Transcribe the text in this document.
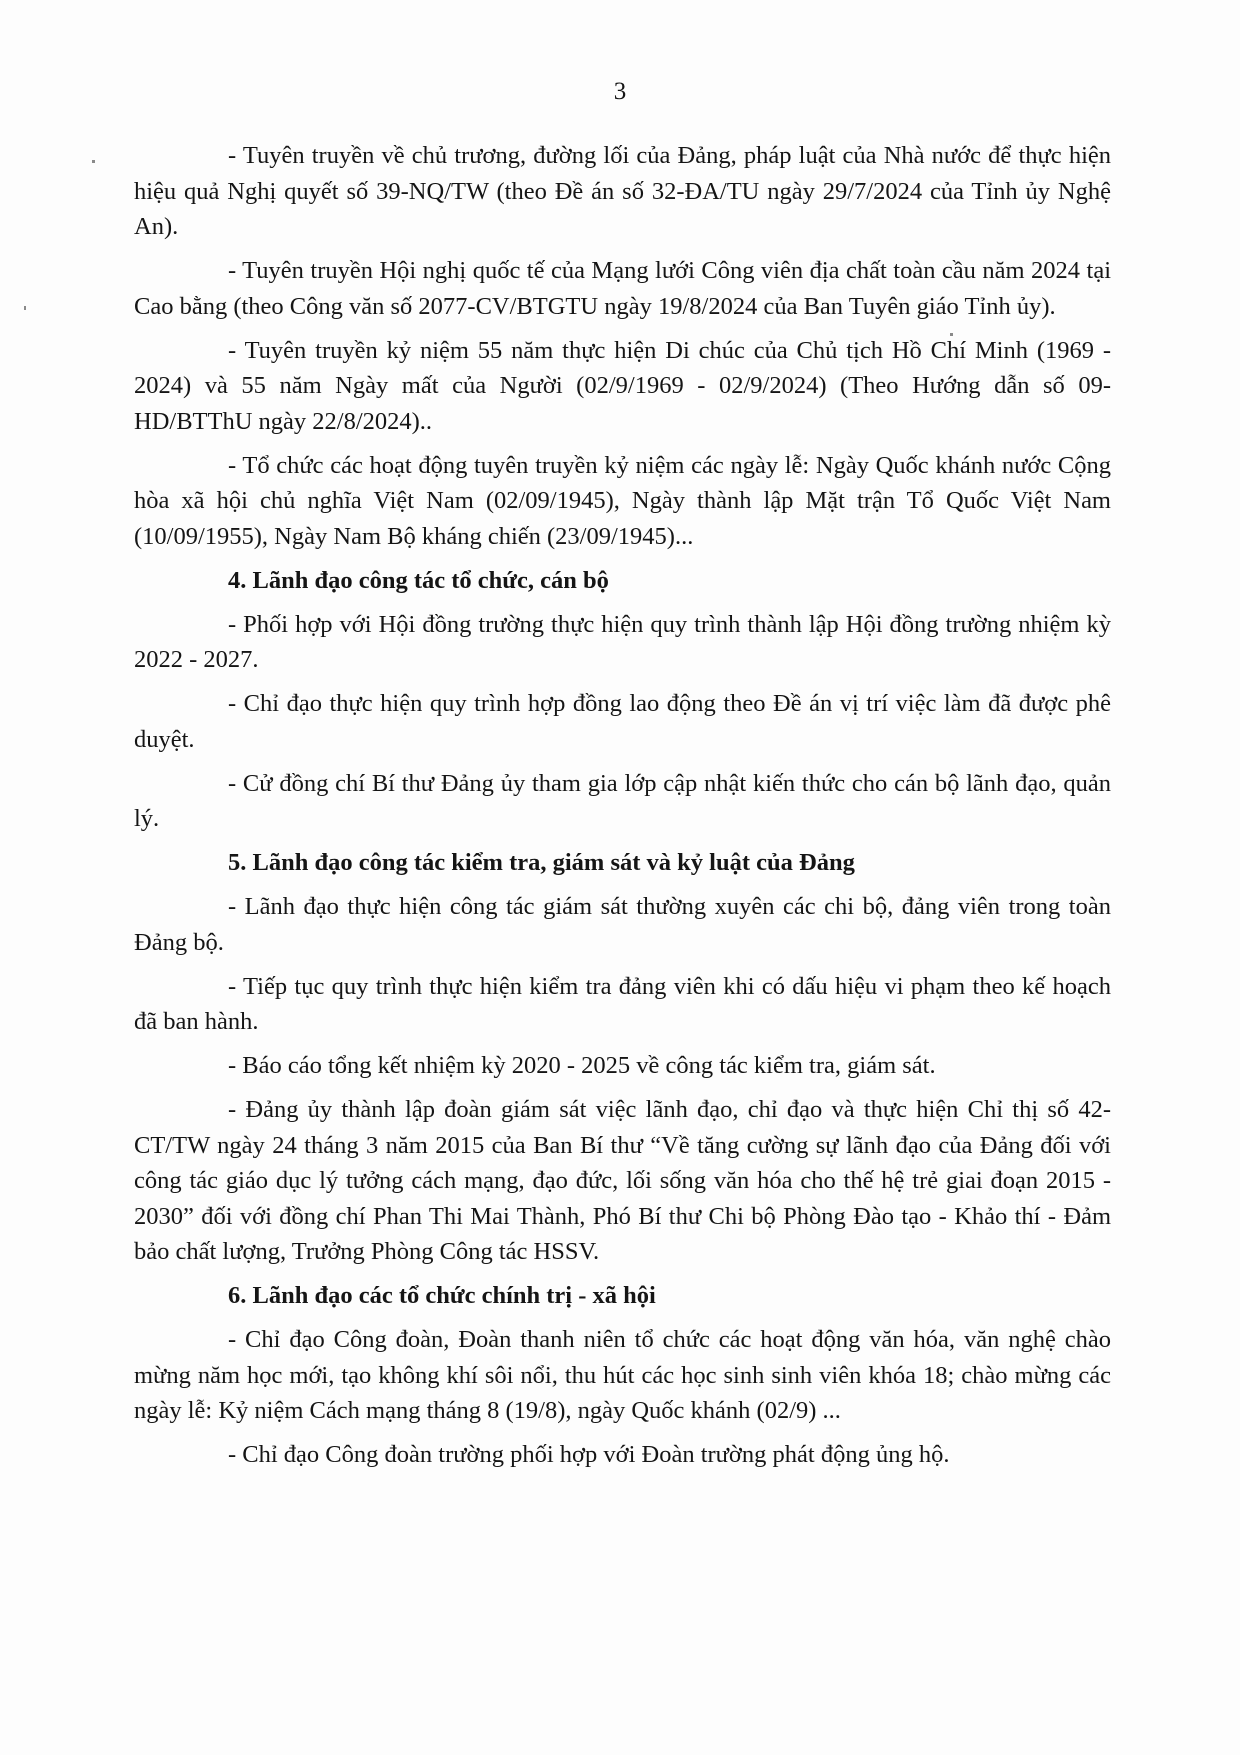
3

- Tuyên truyền về chủ trương, đường lối của Đảng, pháp luật của Nhà nước để thực hiện hiệu quả Nghị quyết số 39-NQ/TW (theo Đề án số 32-ĐA/TU ngày 29/7/2024 của Tỉnh ủy Nghệ An).

- Tuyên truyền Hội nghị quốc tế của Mạng lưới Công viên địa chất toàn cầu năm 2024 tại Cao bằng (theo Công văn số 2077-CV/BTGTU ngày 19/8/2024 của Ban Tuyên giáo Tỉnh ủy).

- Tuyên truyền kỷ niệm 55 năm thực hiện Di chúc của Chủ tịch Hồ Chí Minh (1969 - 2024) và 55 năm Ngày mất của Người (02/9/1969 - 02/9/2024) (Theo Hướng dẫn số 09-HD/BTThU ngày 22/8/2024)..

- Tổ chức các hoạt động tuyên truyền kỷ niệm các ngày lễ: Ngày Quốc khánh nước Cộng hòa xã hội chủ nghĩa Việt Nam (02/09/1945), Ngày thành lập Mặt trận Tổ Quốc Việt Nam (10/09/1955), Ngày Nam Bộ kháng chiến (23/09/1945)...

4. Lãnh đạo công tác tổ chức, cán bộ

- Phối hợp với Hội đồng trường thực hiện quy trình thành lập Hội đồng trường nhiệm kỳ 2022 - 2027.

- Chỉ đạo thực hiện quy trình hợp đồng lao động theo Đề án vị trí việc làm đã được phê duyệt.

- Cử đồng chí Bí thư Đảng ủy tham gia lớp cập nhật kiến thức cho cán bộ lãnh đạo, quản lý.

5. Lãnh đạo công tác kiểm tra, giám sát và kỷ luật của Đảng

- Lãnh đạo thực hiện công tác giám sát thường xuyên các chi bộ, đảng viên trong toàn Đảng bộ.

- Tiếp tục quy trình thực hiện kiểm tra đảng viên khi có dấu hiệu vi phạm theo kế hoạch đã ban hành.

- Báo cáo tổng kết nhiệm kỳ 2020 - 2025 về công tác kiểm tra, giám sát.

- Đảng ủy thành lập đoàn giám sát việc lãnh đạo, chỉ đạo và thực hiện Chỉ thị số 42-CT/TW ngày 24 tháng 3 năm 2015 của Ban Bí thư “Về tăng cường sự lãnh đạo của Đảng đối với công tác giáo dục lý tưởng cách mạng, đạo đức, lối sống văn hóa cho thế hệ trẻ giai đoạn 2015 - 2030” đối với đồng chí Phan Thi Mai Thành, Phó Bí thư Chi bộ Phòng Đào tạo - Khảo thí - Đảm bảo chất lượng, Trưởng Phòng Công tác HSSV.

6. Lãnh đạo các tổ chức chính trị - xã hội

- Chỉ đạo Công đoàn, Đoàn thanh niên tổ chức các hoạt động văn hóa, văn nghệ chào mừng năm học mới, tạo không khí sôi nổi, thu hút các học sinh sinh viên khóa 18; chào mừng các ngày lễ: Kỷ niệm Cách mạng tháng 8 (19/8), ngày Quốc khánh (02/9) ...

- Chỉ đạo Công đoàn trường phối hợp với Đoàn trường phát động ủng hộ.
